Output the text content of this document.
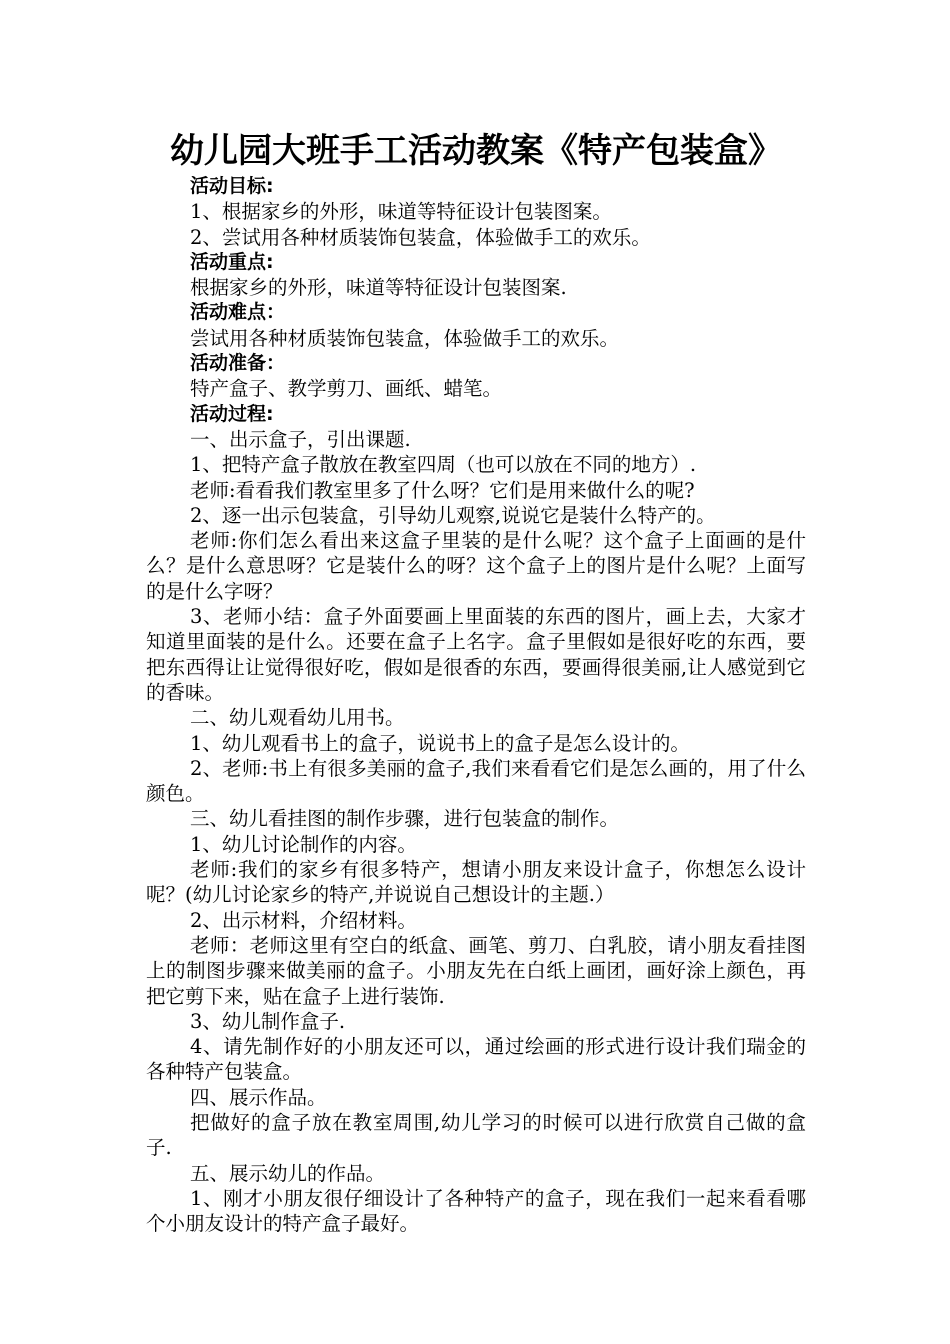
幼儿园大班手工活动教案《特产包装盒》

活动目标:

1、根据家乡的外形，味道等特征设计包装图案。

2、尝试用各种材质装饰包装盒，体验做手工的欢乐。

活动重点:

根据家乡的外形，味道等特征设计包装图案.

活动难点：

尝试用各种材质装饰包装盒，体验做手工的欢乐。

活动准备：

特产盒子、教学剪刀、画纸、蜡笔。

活动过程:

一、出示盒子，引出课题.

1、把特产盒子散放在教室四周（也可以放在不同的地方）.

老师:看看我们教室里多了什么呀？它们是用来做什么的呢?

2、逐一出示包装盒，引导幼儿观察,说说它是装什么特产的。

老师:你们怎么看出来这盒子里装的是什么呢？这个盒子上面画的是什么？是什么意思呀？它是装什么的呀？这个盒子上的图片是什么呢？上面写的是什么字呀？

3、老师小结：盒子外面要画上里面装的东西的图片，画上去，大家才知道里面装的是什么。还要在盒子上名字。盒子里假如是很好吃的东西，要把东西得让让觉得很好吃，假如是很香的东西，要画得很美丽,让人感觉到它的香味。

二、幼儿观看幼儿用书。

1、幼儿观看书上的盒子，说说书上的盒子是怎么设计的。

2、老师:书上有很多美丽的盒子,我们来看看它们是怎么画的，用了什么颜色。

三、幼儿看挂图的制作步骤，进行包装盒的制作。

1、幼儿讨论制作的内容。

老师:我们的家乡有很多特产，想请小朋友来设计盒子，你想怎么设计呢？(幼儿讨论家乡的特产,并说说自己想设计的主题.）

2、出示材料，介绍材料。

老师：老师这里有空白的纸盒、画笔、剪刀、白乳胶，请小朋友看挂图上的制图步骤来做美丽的盒子。小朋友先在白纸上画团，画好涂上颜色，再把它剪下来，贴在盒子上进行装饰.

3、幼儿制作盒子.

4、请先制作好的小朋友还可以，通过绘画的形式进行设计我们瑞金的各种特产包装盒。

四、展示作品。

把做好的盒子放在教室周围,幼儿学习的时候可以进行欣赏自己做的盒子.

五、展示幼儿的作品。

1、刚才小朋友很仔细设计了各种特产的盒子，现在我们一起来看看哪个小朋友设计的特产盒子最好。
